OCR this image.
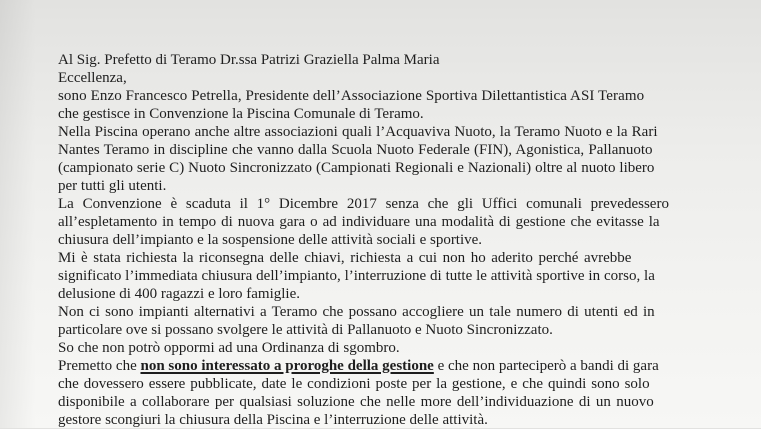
Al Sig. Prefetto di Teramo Dr.ssa Patrizi Graziella Palma Maria
Eccellenza,
sono Enzo Francesco Petrella, Presidente dell’Associazione Sportiva Dilettantistica ASI Teramo
che gestisce in Convenzione la Piscina Comunale di Teramo.
Nella Piscina operano anche altre associazioni quali l’Acquaviva Nuoto, la Teramo Nuoto e la Rari
Nantes Teramo in discipline che vanno dalla Scuola Nuoto Federale (FIN), Agonistica, Pallanuoto
(campionato serie C) Nuoto Sincronizzato (Campionati Regionali e Nazionali) oltre al nuoto libero
per tutti gli utenti.
La Convenzione è scaduta il 1° Dicembre 2017 senza che gli Uffici comunali prevedessero
all’espletamento in tempo di nuova gara o ad individuare una modalità di gestione che evitasse la
chiusura dell’impianto e la sospensione delle attività sociali e sportive.
Mi è stata richiesta la riconsegna delle chiavi, richiesta a cui non ho aderito perché avrebbe
significato l’immediata chiusura dell’impianto, l’interruzione di tutte le attività sportive in corso, la
delusione di 400 ragazzi e loro famiglie.
Non ci sono impianti alternativi a Teramo che possano accogliere un tale numero di utenti ed in
particolare ove si possano svolgere le attività di Pallanuoto e Nuoto Sincronizzato.
So che non potrò oppormi ad una Ordinanza di sgombro.
Premetto che non sono interessato a proroghe della gestione e che non parteciperò a bandi di gara
che dovessero essere pubblicate, date le condizioni poste per la gestione, e che quindi sono solo
disponibile a collaborare per qualsiasi soluzione che nelle more dell’individuazione di un nuovo
gestore scongiuri la chiusura della Piscina e l’interruzione delle attività.
